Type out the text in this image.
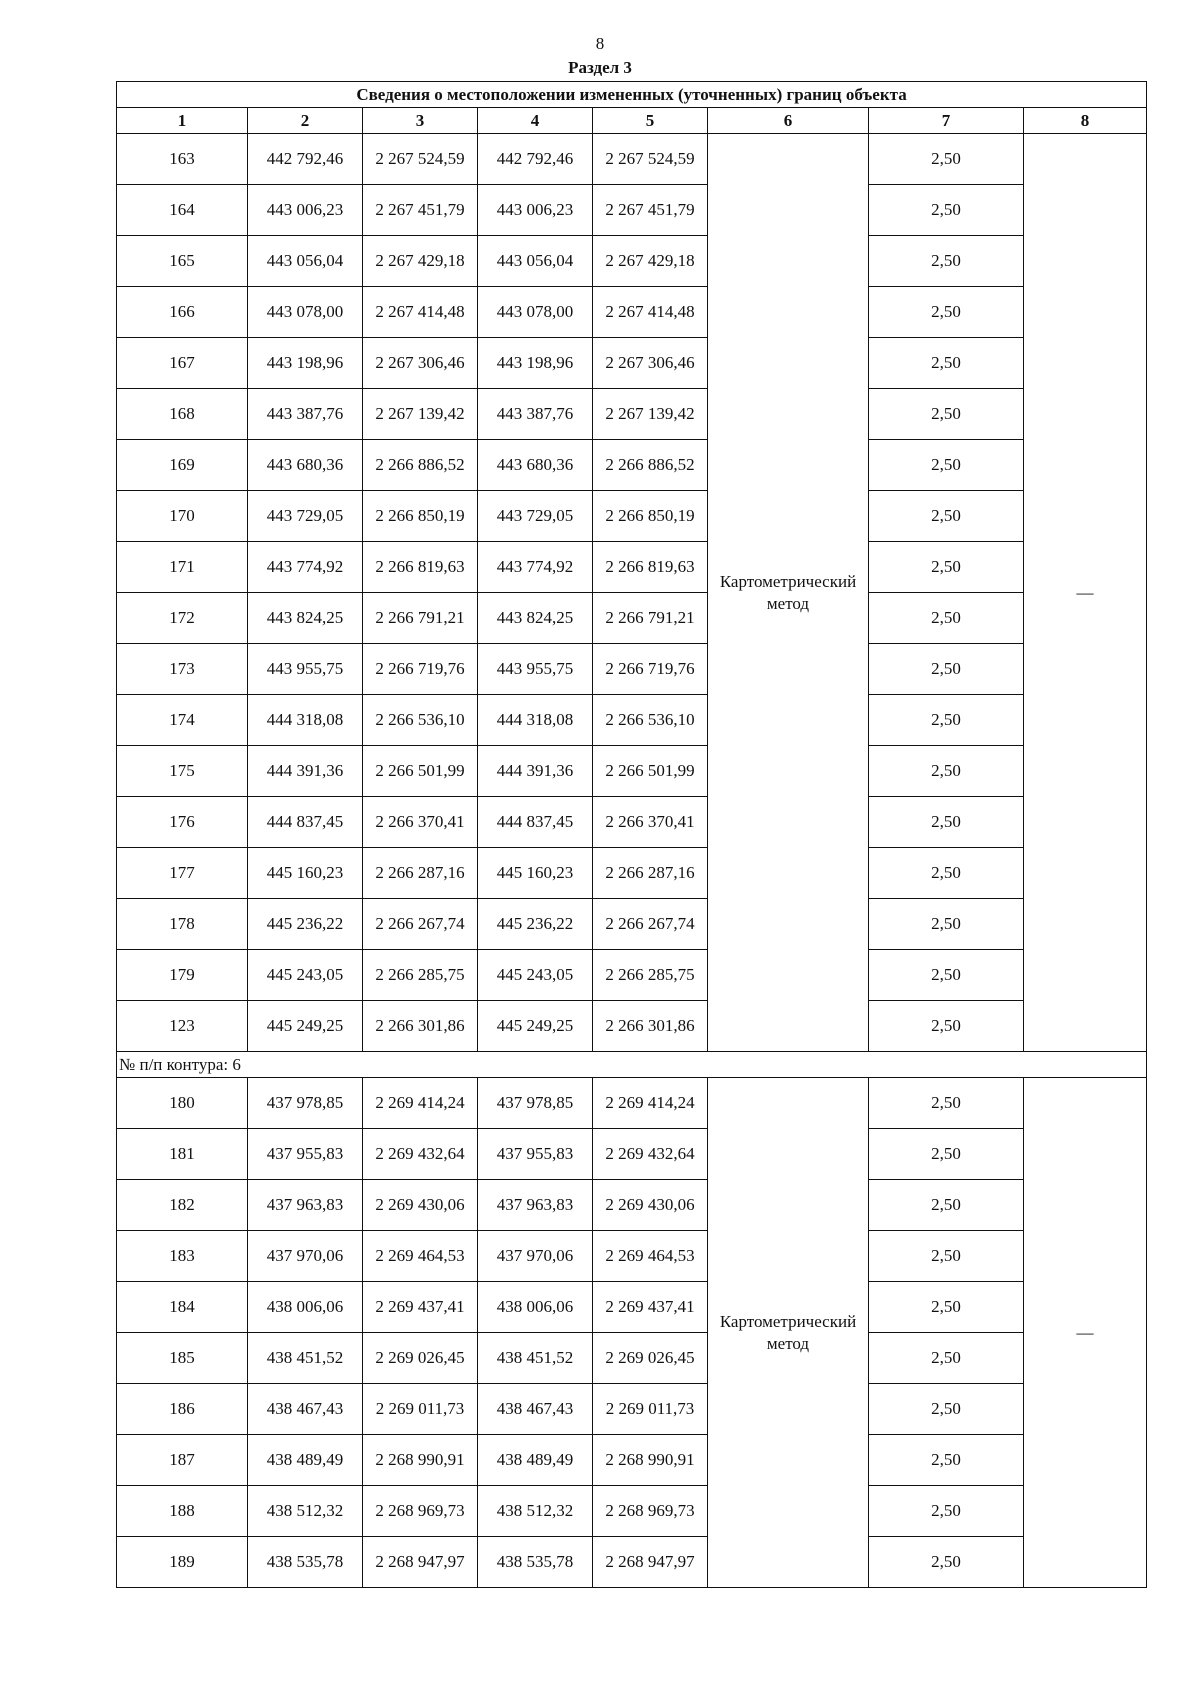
8
Раздел 3
Сведения о местоположении измененных (уточненных) границ объекта							
1	2	3	4	5	6	7	8
163	442 792,46	2 267 524,59	442 792,46	2 267 524,59	Картометрический метод	2,50	—
164	443 006,23	2 267 451,79	443 006,23	2 267 451,79		2,50	
165	443 056,04	2 267 429,18	443 056,04	2 267 429,18		2,50	
166	443 078,00	2 267 414,48	443 078,00	2 267 414,48		2,50	
167	443 198,96	2 267 306,46	443 198,96	2 267 306,46		2,50	
168	443 387,76	2 267 139,42	443 387,76	2 267 139,42		2,50	
169	443 680,36	2 266 886,52	443 680,36	2 266 886,52		2,50	
170	443 729,05	2 266 850,19	443 729,05	2 266 850,19		2,50	
171	443 774,92	2 266 819,63	443 774,92	2 266 819,63		2,50	
172	443 824,25	2 266 791,21	443 824,25	2 266 791,21		2,50	
173	443 955,75	2 266 719,76	443 955,75	2 266 719,76		2,50	
174	444 318,08	2 266 536,10	444 318,08	2 266 536,10		2,50	
175	444 391,36	2 266 501,99	444 391,36	2 266 501,99		2,50	
176	444 837,45	2 266 370,41	444 837,45	2 266 370,41		2,50	
177	445 160,23	2 266 287,16	445 160,23	2 266 287,16		2,50	
178	445 236,22	2 266 267,74	445 236,22	2 266 267,74		2,50	
179	445 243,05	2 266 285,75	445 243,05	2 266 285,75		2,50	
123	445 249,25	2 266 301,86	445 249,25	2 266 301,86		2,50	
№ п/п контура: 6							
180	437 978,85	2 269 414,24	437 978,85	2 269 414,24	Картометрический метод	2,50	—
181	437 955,83	2 269 432,64	437 955,83	2 269 432,64		2,50	
182	437 963,83	2 269 430,06	437 963,83	2 269 430,06		2,50	
183	437 970,06	2 269 464,53	437 970,06	2 269 464,53		2,50	
184	438 006,06	2 269 437,41	438 006,06	2 269 437,41		2,50	
185	438 451,52	2 269 026,45	438 451,52	2 269 026,45		2,50	
186	438 467,43	2 269 011,73	438 467,43	2 269 011,73		2,50	
187	438 489,49	2 268 990,91	438 489,49	2 268 990,91		2,50	
188	438 512,32	2 268 969,73	438 512,32	2 268 969,73		2,50	
189	438 535,78	2 268 947,97	438 535,78	2 268 947,97		2,50	
